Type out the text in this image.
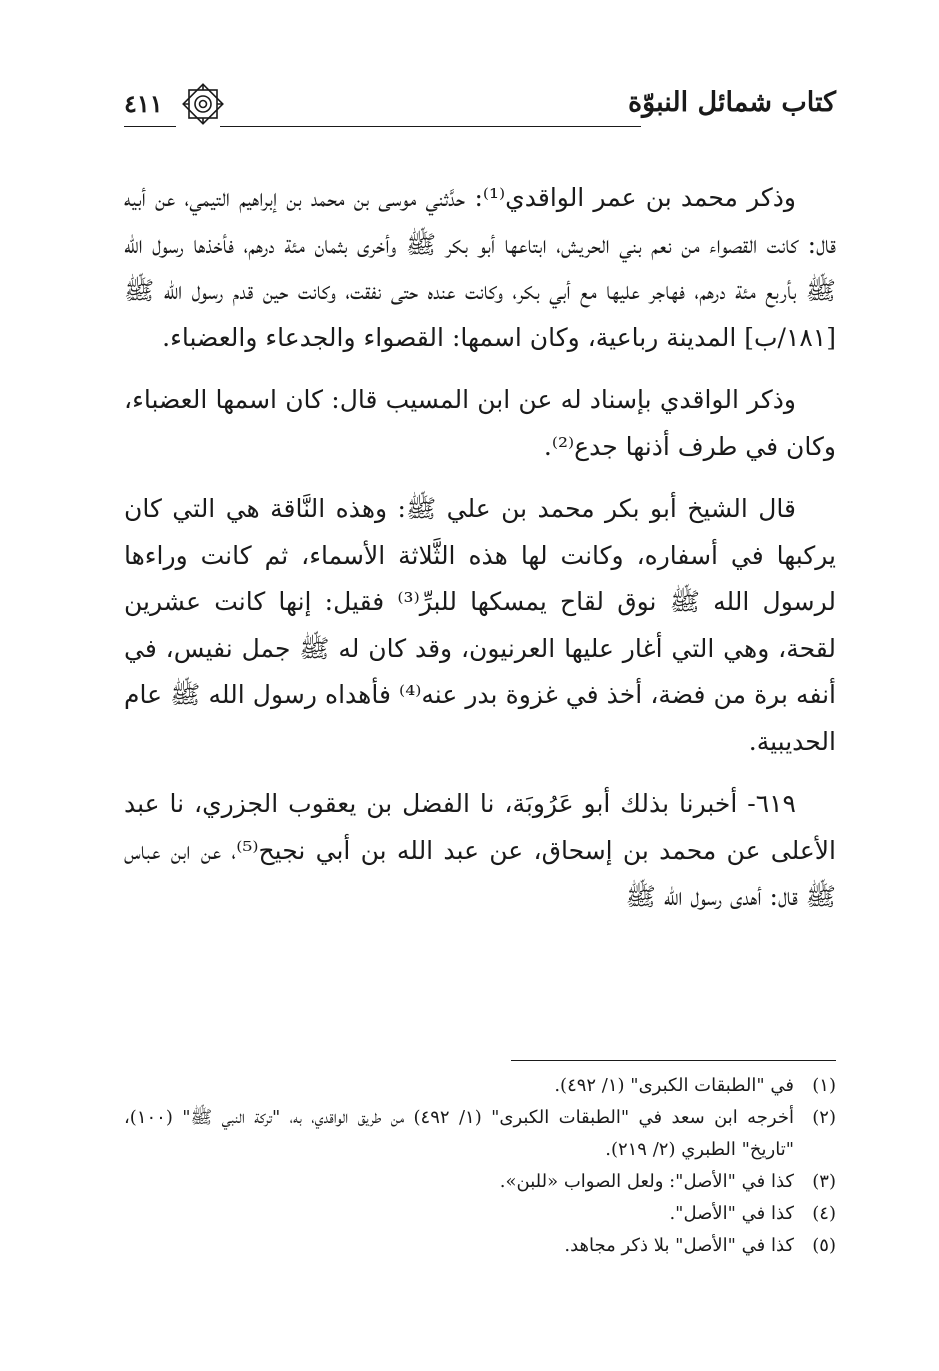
كتاب شمائل النبوّة
٤١١

وذكر محمد بن عمر الواقدي⁽¹⁾: حدَّثني موسى بن محمد بن إبراهيم التيمي، عن أبيه قال: كانت القصواء من نعم بني الحريش، ابتاعها أبو بكر ﷺ وأخرى بثمان مئة درهم، فأخذها رسول الله ﷺ بأربع مئة درهم، فهاجر عليها مع أبي بكر، وكانت عنده حتى نفقت، وكانت حين قدم رسول الله ﷺ [١٨١/ب] المدينة رباعية، وكان اسمها: القصواء والجدعاء والعضباء.

وذكر الواقدي بإسناد له عن ابن المسيب قال: كان اسمها العضباء، وكان في طرف أذنها جدع⁽²⁾.

قال الشيخ أبو بكر محمد بن علي ﷺ: وهذه النَّاقة هي التي كان يركبها في أسفاره، وكانت لها هذه الثَّلاثة الأسماء، ثم كانت وراءها لرسول الله ﷺ نوق لقاح يمسكها للبرِّ⁽³⁾ فقيل: إنها كانت عشرين لقحة، وهي التي أغار عليها العرنيون، وقد كان له ﷺ جمل نفيس، في أنفه برة من فضة، أخذ في غزوة بدر عنه⁽⁴⁾ فأهداه رسول الله ﷺ عام الحديبية.

٦١٩- أخبرنا بذلك أبو عَرُوبَة، نا الفضل بن يعقوب الجزري، نا عبد الأعلى عن محمد بن إسحاق، عن عبد الله بن أبي نجيح⁽⁵⁾، عن ابن عباس ﷺ قال: أهدى رسول الله ﷺ

(١)
في "الطبقات الكبرى" (١/ ٤٩٢).
(٢)
أخرجه ابن سعد في "الطبقات الكبرى" (١/ ٤٩٢) من طريق الواقدي، به، "تركة النبي ﷺ" (١٠٠)، "تاريخ" الطبري (٢/ ٢١٩).
(٣)
كذا في "الأصل": ولعل الصواب «للبن».
(٤)
كذا في "الأصل".
(٥)
كذا في "الأصل" بلا ذكر مجاهد.
